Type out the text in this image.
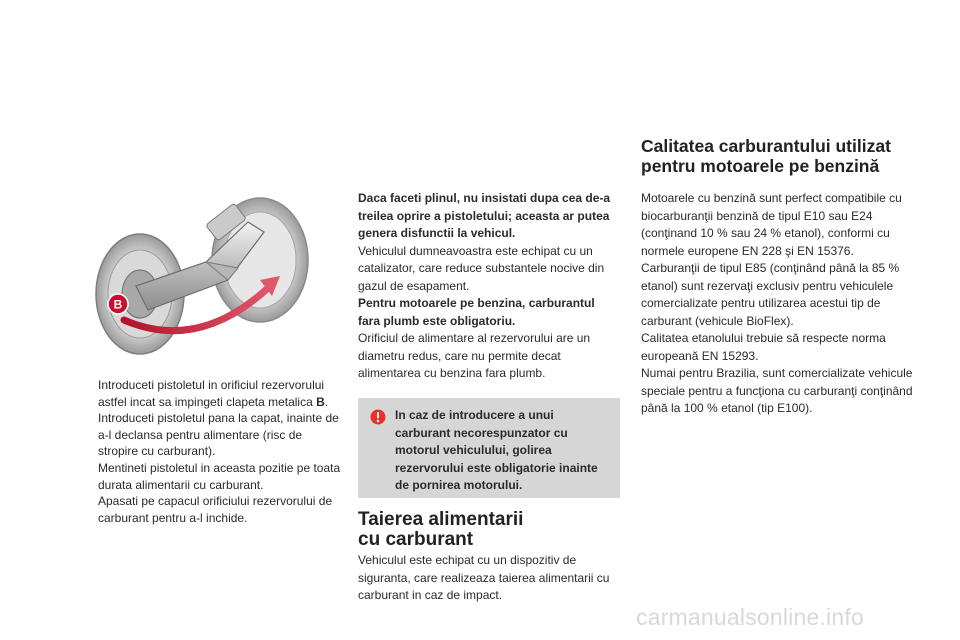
B
Introduceti pistoletul in orificiul rezervorului astfel incat sa impingeti clapeta metalica B.
Introduceti pistoletul pana la capat, inainte de a-l declansa pentru alimentare (risc de stropire cu carburant).
Mentineti pistoletul in aceasta pozitie pe toata durata alimentarii cu carburant.
Apasati pe capacul orificiului rezervorului de carburant pentru a-l inchide.

Daca faceti plinul, nu insistati dupa cea de-a treilea oprire a pistoletului; aceasta ar putea genera disfunctii la vehicul.

Vehiculul dumneavoastra este echipat cu un catalizator, care reduce substantele nocive din gazul de esapament.

Pentru motoarele pe benzina, carburantul fara plumb este obligatoriu.

Orificiul de alimentare al rezervorului are un diametru redus, care nu permite decat alimentarea cu benzina fara plumb.

In caz de introducere a unui carburant necorespunzator cu motorul vehiculului, golirea rezervorului este obligatorie inainte de pornirea motorului.

Taierea alimentarii
cu carburant

Vehiculul este echipat cu un dispozitiv de siguranta, care realizeaza taierea alimentarii cu carburant in caz de impact.

Calitatea carburantului utilizat
pentru motoarele pe benzină

Motoarele cu benzină sunt perfect compatibile cu biocarburanţii benzină de tipul E10 sau E24 (conţinand 10 % sau 24 % etanol), conformi cu normele europene EN 228 şi EN 15376.

Carburanţii de tipul E85 (conţinând până la 85 % etanol) sunt rezervaţi exclusiv pentru vehiculele comercializate pentru utilizarea acestui tip de carburant (vehicule BioFlex).

Calitatea etanolului trebuie să respecte norma europeană EN 15293.

Numai pentru Brazilia, sunt comercializate vehicule speciale pentru a funcţiona cu carburanţi conţinând până la 100 % etanol (tip E100).

carmanualsonline.info
